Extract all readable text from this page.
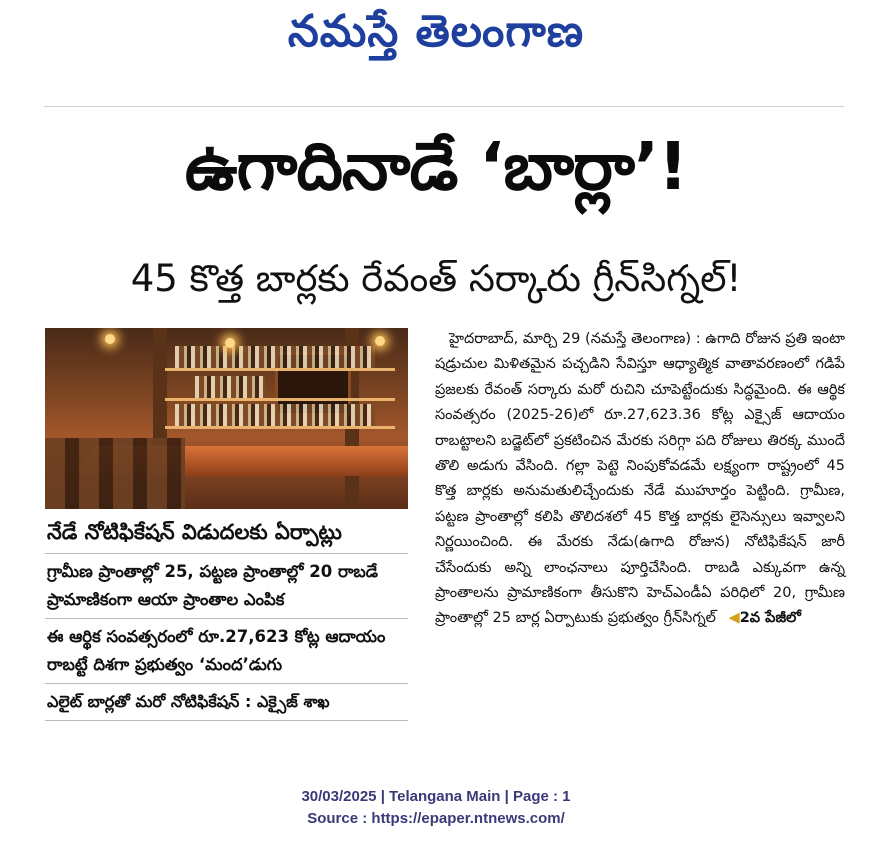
నమస్తే తెలంగాణ
ఉగాదినాడే ‘బార్లా’!
45 కొత్త బార్లకు రేవంత్ సర్కారు గ్రీన్‌సిగ్నల్!
నేడే నోటిఫికేషన్ విడుదలకు ఏర్పాట్లు
గ్రామీణ ప్రాంతాల్లో 25, పట్టణ ప్రాంతాల్లో 20 రాబడే ప్రామాణికంగా ఆయా ప్రాంతాల ఎంపిక
ఈ ఆర్థిక సంవత్సరంలో రూ.27,623 కోట్ల ఆదాయం రాబట్టే దిశగా ప్రభుత్వం ‘మంద’డుగు
ఎలైట్ బార్లతో మరో నోటిఫికేషన్ : ఎక్సైజ్ శాఖ
హైదరాబాద్, మార్చి 29 (నమస్తే తెలంగాణ) : ఉగాది రోజున ప్రతి ఇంటా షడ్రుచుల మిళితమైన పచ్చడిని సేవిస్తూ ఆధ్యాత్మిక వాతావరణంలో గడిపే ప్రజలకు రేవంత్ సర్కారు మరో రుచిని చూపెట్టేందుకు సిద్ధమైంది. ఈ ఆర్థిక సంవత్సరం (2025-26)లో రూ.27,623.36 కోట్ల ఎక్సైజ్ ఆదాయం రాబట్టాలని బడ్జెట్‌లో ప్రకటించిన మేరకు సరిగ్గా పది రోజులు తిరక్క ముందే తొలి అడుగు వేసింది. గల్లా పెట్టె నింపుకోవడమే లక్ష్యంగా రాష్ట్రంలో 45 కొత్త బార్లకు అనుమతులిచ్చేందుకు నేడే ముహూర్తం పెట్టింది. గ్రామీణ, పట్టణ ప్రాంతాల్లో కలిపి తొలిదశలో 45 కొత్త బార్లకు లైసెన్సులు ఇవ్వాలని నిర్ణయించింది. ఈ మేరకు నేడు(ఉగాది రోజున) నోటిఫికేషన్ జారీ చేసేందుకు అన్ని లాంఛనాలు పూర్తిచేసింది. రాబడి ఎక్కువగా ఉన్న ప్రాంతాలను ప్రామాణికంగా తీసుకొని హెచ్ఎండీఏ పరిధిలో 20, గ్రామీణ ప్రాంతాల్లో 25 బార్ల ఏర్పాటుకు ప్రభుత్వం గ్రీన్‌సిగ్నల్ ◀2వ పేజీలో
30/03/2025 | Telangana Main | Page : 1
Source : https://epaper.ntnews.com/
